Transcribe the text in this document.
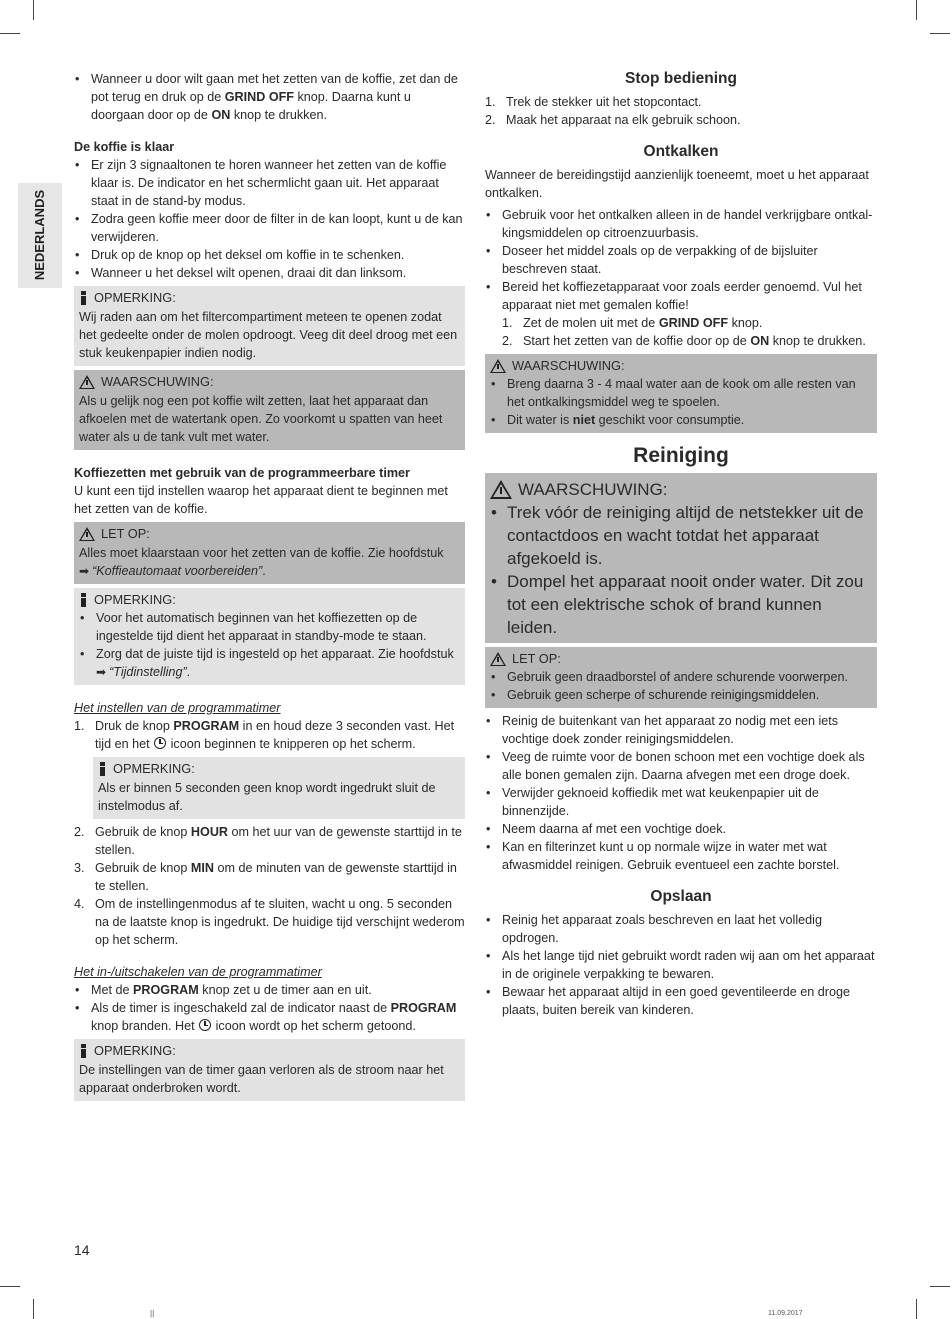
NEDERLANDS
• Wanneer u door wilt gaan met het zetten van de koffie, zet dan de pot terug en druk op de GRIND OFF knop. Daarna kunt u doorgaan door op de ON knop te drukken.

De koffie is klaar

• Er zijn 3 signaaltonen te horen wanneer het zetten van de koffie klaar is. De indicator en het schermlicht gaan uit. Het apparaat staat in de stand-by modus.
• Zodra geen koffie meer door de filter in de kan loopt, kunt u de kan verwijderen.
• Druk op de knop op het deksel om koffie in te schenken.
• Wanneer u het deksel wilt openen, draai dit dan linksom.
OPMERKING:

Wij raden aan om het filtercompartiment meteen te openen zodat het gedeelte onder de molen opdroogt. Veeg dit deel droog met een stuk keukenpapier indien nodig.

WAARSCHUWING:

Als u gelijk nog een pot koffie wilt zetten, laat het apparaat dan afkoelen met de watertank open. Zo voorkomt u spatten van heet water als u de tank vult met water.

Koffiezetten met gebruik van de programmeerbare timer

U kunt een tijd instellen waarop het apparaat dient te beginnen met het zetten van de koffie.

LET OP:

Alles moet klaarstaan voor het zetten van de koffie. Zie hoofdstuk
➡ “Koffieautomaat voorbereiden”.

OPMERKING:
• Voor het automatisch beginnen van het koffiezetten op de ingestelde tijd dient het apparaat in standby-mode te staan.
• Zorg dat de juiste tijd is ingesteld op het apparaat. Zie hoofdstuk
➡ “Tijdinstelling”.

Het instellen van de programmatimer

1. Druk de knop PROGRAM in en houd deze 3 seconden vast. Het tijd en het  icoon beginnen te knipperen op het scherm.
OPMERKING:

Als er binnen 5 seconden geen knop wordt ingedrukt sluit de instelmodus af.

2. Gebruik de knop HOUR om het uur van de gewenste starttijd in te stellen.
3. Gebruik de knop MIN om de minuten van de gewenste starttijd in te stellen.
4. Om de instellingenmodus af te sluiten, wacht u ong. 5 seconden na de laatste knop is ingedrukt. De huidige tijd verschijnt wederom op het scherm.

Het in-/uitschakelen van de programmatimer

• Met de PROGRAM knop zet u de timer aan en uit.
• Als de timer is ingeschakeld zal de indicator naast de PROGRAM knop branden. Het  icoon wordt op het scherm getoond.
OPMERKING:

De instellingen van de timer gaan verloren als de stroom naar het apparaat onderbroken wordt.

Stop bediening

1. Trek de stekker uit het stopcontact.
2. Maak het apparaat na elk gebruik schoon.

Ontkalken

Wanneer de bereidingstijd aanzienlijk toeneemt, moet u het apparaat ontkalken.

• Gebruik voor het ontkalken alleen in de handel verkrijgbare ontkalkingsmiddelen op citroenzuurbasis.
• Doseer het middel zoals op de verpakking of de bijsluiter beschreven staat.
• Bereid het koffiezetapparaat voor zoals eerder genoemd. Vul het apparaat niet met gemalen koffie!
1. Zet de molen uit met de GRIND OFF knop.
2. Start het zetten van de koffie door op de ON knop te drukken.
WAARSCHUWING:
• Breng daarna 3 - 4 maal water aan de kook om alle resten van het ontkalkingsmiddel weg te spoelen.
• Dit water is niet geschikt voor consumptie.

Reiniging

WAARSCHUWING:
• Trek vóór de reiniging altijd de netstekker uit de contactdoos en wacht totdat het apparaat afgekoeld is.
• Dompel het apparaat nooit onder water. Dit zou tot een elektrische schok of brand kunnen leiden.
LET OP:
• Gebruik geen draadborstel of andere schurende voorwerpen.
• Gebruik geen scherpe of schurende reinigingsmiddelen.
• Reinig de buitenkant van het apparaat zo nodig met een iets vochtige doek zonder reinigingsmiddelen.
• Veeg de ruimte voor de bonen schoon met een vochtige doek als alle bonen gemalen zijn. Daarna afvegen met een droge doek.
• Verwijder geknoeid koffiedik met wat keukenpapier uit de binnenzijde.
• Neem daarna af met een vochtige doek.
• Kan en filterinzet kunt u op normale wijze in water met wat afwasmiddel reinigen. Gebruik eventueel een zachte borstel.

Opslaan

• Reinig het apparaat zoals beschreven en laat het volledig opdrogen.
• Als het lange tijd niet gebruikt wordt raden wij aan om het apparaat in de originele verpakking te bewaren.
• Bewaar het apparaat altijd in een goed geventileerde en droge plaats, buiten bereik van kinderen.
14
||	11.09.2017
